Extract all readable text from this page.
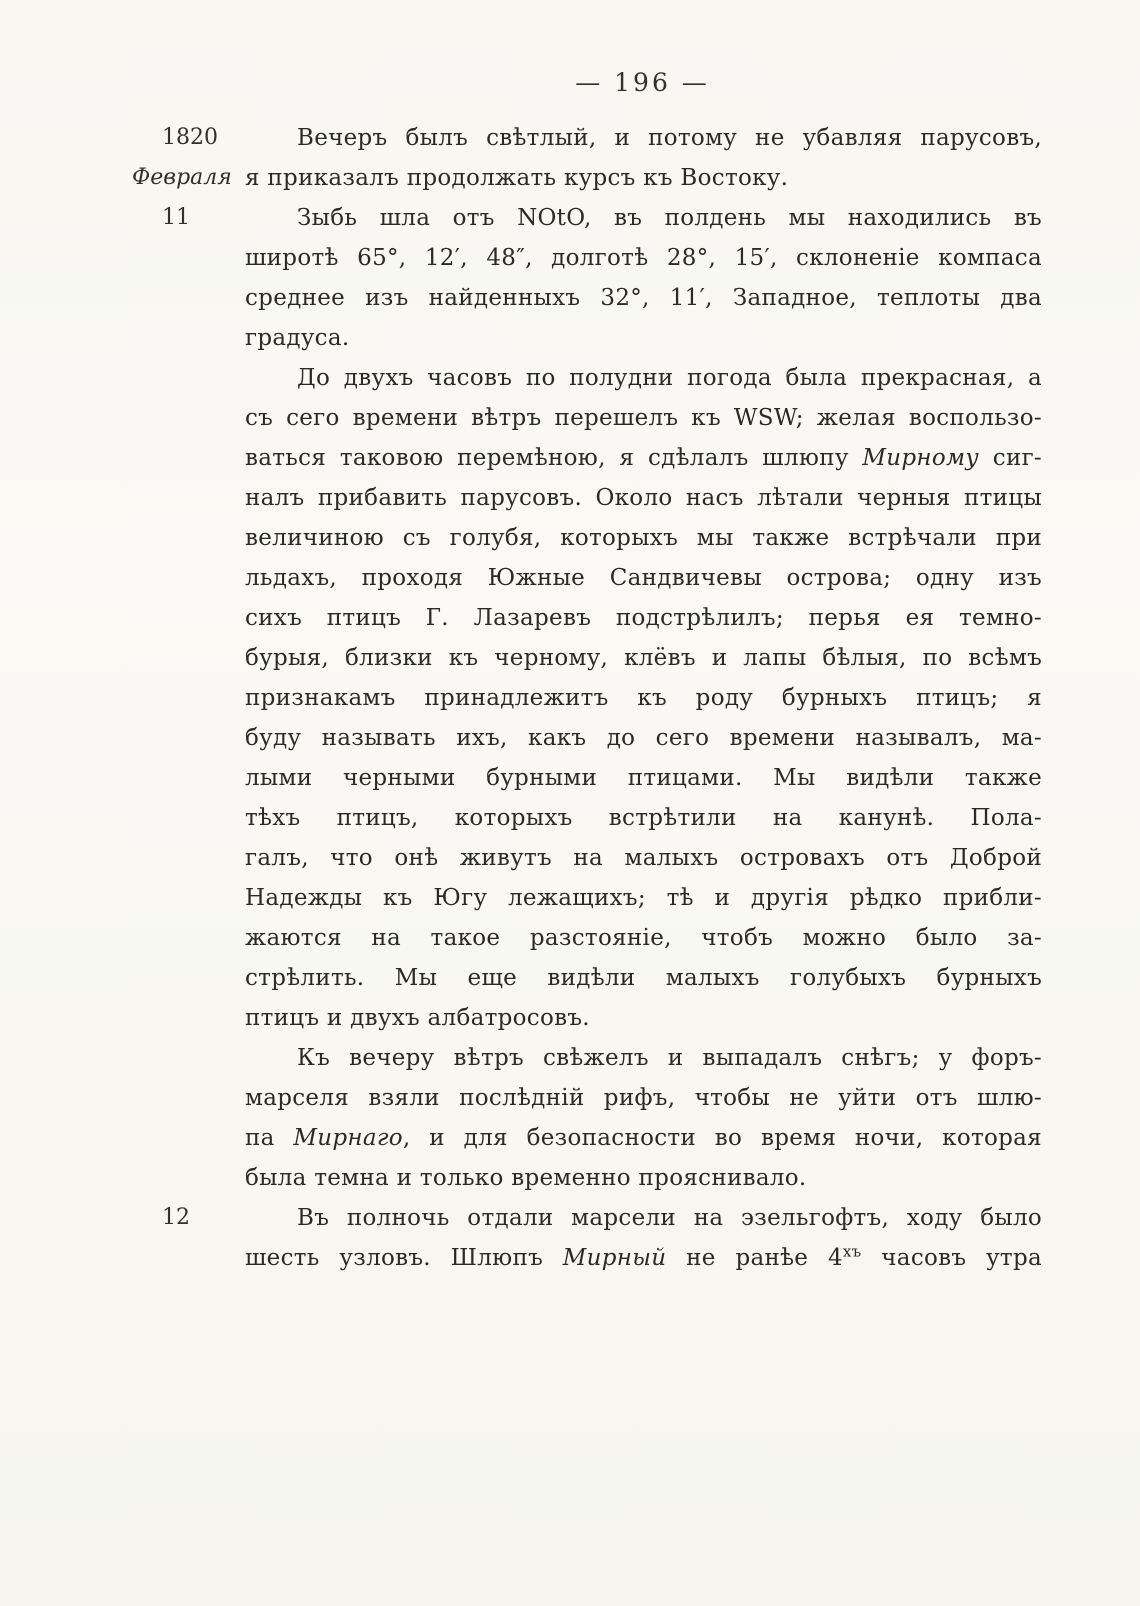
— 196 —
1820
Февраля
Вечеръ былъ свѣтлый, и потому не убавляя парусовъ,
я приказалъ продолжать курсъ къ Востоку.
11	Зыбь шла отъ NOtO, въ полдень мы находились въ
широтѣ 65°, 12′, 48″, долготѣ 28°, 15′, склоненіе компаса
среднее изъ найденныхъ 32°, 11′, Западное, теплоты два
градуса.
До двухъ часовъ по полудни погода была прекрасная, а
съ сего времени вѣтръ перешелъ къ WSW; желая воспользо-
ваться таковою перемѣною, я сдѣлалъ шлюпу Мирному сиг-
налъ прибавить парусовъ. Около насъ лѣтали черныя птицы
величиною съ голубя, которыхъ мы также встрѣчали при
льдахъ, проходя Южные Сандвичевы острова; одну изъ
сихъ птицъ Г. Лазаревъ подстрѣлилъ; перья ея темно-
бурыя, близки къ черному, клёвъ и лапы бѣлыя, по всѣмъ
признакамъ принадлежитъ къ роду бурныхъ птицъ; я
буду называть ихъ, какъ до сего времени называлъ, ма-
лыми черными бурными птицами. Мы видѣли также
тѣхъ птицъ, которыхъ встрѣтили на канунѣ. Пола-
галъ, что онѣ живутъ на малыхъ островахъ отъ Доброй
Надежды къ Югу лежащихъ; тѣ и другія рѣдко прибли-
жаются на такое разстояніе, чтобъ можно было за-
стрѣлить. Мы еще видѣли малыхъ голубыхъ бурныхъ
птицъ и двухъ албатросовъ.
Къ вечеру вѣтръ свѣжелъ и выпадалъ снѣгъ; у форъ-
марселя взяли послѣдній рифъ, чтобы не уйти отъ шлю-
па Мирнаго, и для безопасности во время ночи, которая
была темна и только временно прояснивало.
12	Въ полночь отдали марсели на эзельгофтъ, ходу было
шесть узловъ. Шлюпъ Мирный не ранѣе $4^{хъ}$ часовъ утра
